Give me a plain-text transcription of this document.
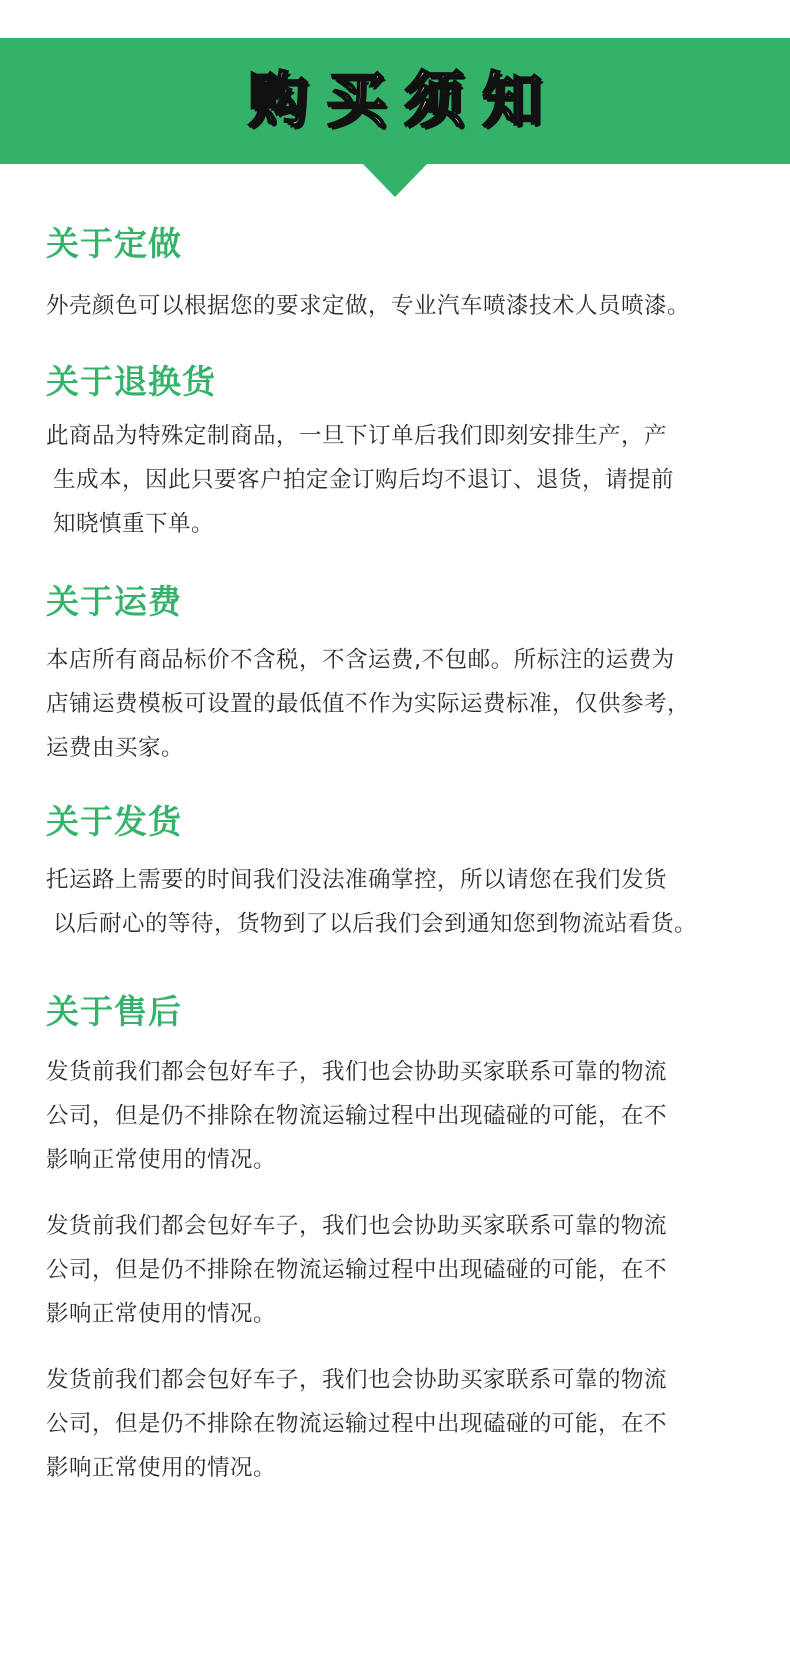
购买须知
关于定做

外壳颜色可以根据您的要求定做，专业汽车喷漆技术人员喷漆。

关于退换货

此商品为特殊定制商品，一旦下订单后我们即刻安排生产，产
生成本，因此只要客户拍定金订购后均不退订、退货，请提前
知晓慎重下单。

关于运费

本店所有商品标价不含税，不含运费,不包邮。所标注的运费为
店铺运费模板可设置的最低值不作为实际运费标准，仅供参考，
运费由买家。

关于发货

托运路上需要的时间我们没法准确掌控，所以请您在我们发货
以后耐心的等待，货物到了以后我们会到通知您到物流站看货。

关于售后

发货前我们都会包好车子，我们也会协助买家联系可靠的物流
公司，但是仍不排除在物流运输过程中出现磕碰的可能，在不
影响正常使用的情况。

发货前我们都会包好车子，我们也会协助买家联系可靠的物流
公司，但是仍不排除在物流运输过程中出现磕碰的可能，在不
影响正常使用的情况。

发货前我们都会包好车子，我们也会协助买家联系可靠的物流
公司，但是仍不排除在物流运输过程中出现磕碰的可能，在不
影响正常使用的情况。
